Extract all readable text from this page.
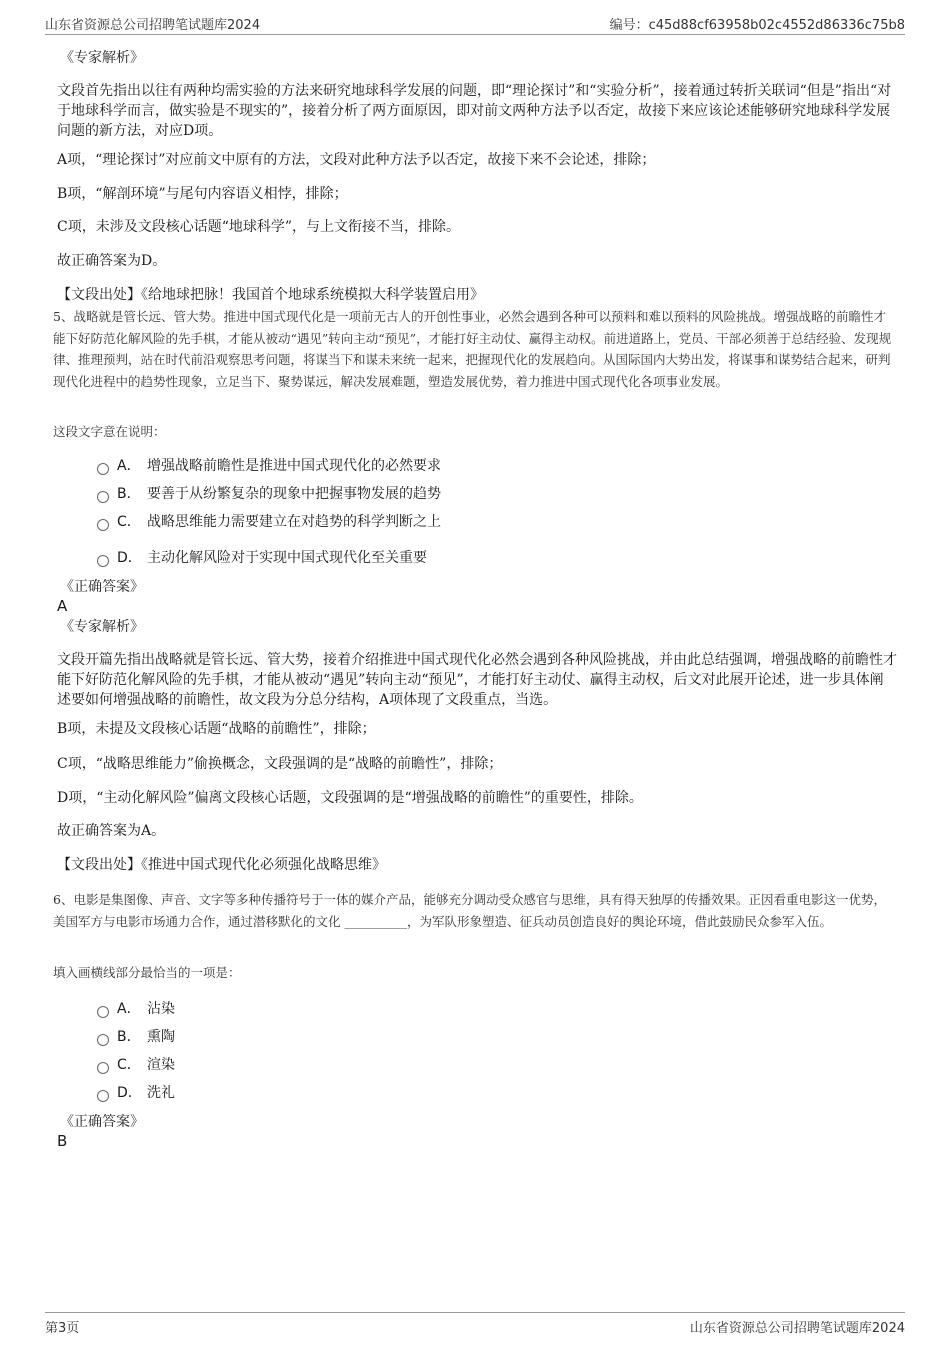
山东省资源总公司招聘笔试题库2024	编号：c45d88cf63958b02c4552d86336c75b8
《专家解析》
文段首先指出以往有两种均需实验的方法来研究地球科学发展的问题，即“理论探讨”和“实验分析”，接着通过转折关联词“但是”指出“对于地球科学而言，做实验是不现实的”，接着分析了两方面原因，即对前文两种方法予以否定，故接下来应该论述能够研究地球科学发展问题的新方法，对应D项。
A项，“理论探讨”对应前文中原有的方法，文段对此种方法予以否定，故接下来不会论述，排除；
B项，“解剖环境”与尾句内容语义相悖，排除；
C项，未涉及文段核心话题“地球科学”，与上文衔接不当，排除。
故正确答案为D。
【文段出处】《给地球把脉！我国首个地球系统模拟大科学装置启用》
5、战略就是管长远、管大势。推进中国式现代化是一项前无古人的开创性事业，必然会遇到各种可以预料和难以预料的风险挑战。增强战略的前瞻性才能下好防范化解风险的先手棋，才能从被动“遇见”转向主动“预见”，才能打好主动仗、赢得主动权。前进道路上，党员、干部必须善于总结经验、发现规律、推理预判，站在时代前沿观察思考问题，将谋当下和谋未来统一起来，把握现代化的发展趋向。从国际国内大势出发，将谋事和谋势结合起来，研判现代化进程中的趋势性现象，立足当下、聚势谋远，解决发展难题，塑造发展优势，着力推进中国式现代化各项事业发展。
这段文字意在说明：
A． 增强战略前瞻性是推进中国式现代化的必然要求
B． 要善于从纷繁复杂的现象中把握事物发展的趋势
C． 战略思维能力需要建立在对趋势的科学判断之上
D． 主动化解风险对于实现中国式现代化至关重要
《正确答案》
A
《专家解析》
文段开篇先指出战略就是管长远、管大势，接着介绍推进中国式现代化必然会遇到各种风险挑战，并由此总结强调，增强战略的前瞻性才能下好防范化解风险的先手棋，才能从被动“遇见”转向主动“预见”，才能打好主动仗、赢得主动权，后文对此展开论述，进一步具体阐述要如何增强战略的前瞻性，故文段为分总分结构，A项体现了文段重点，当选。
B项，未提及文段核心话题“战略的前瞻性”，排除；
C项，“战略思维能力”偷换概念，文段强调的是“战略的前瞻性”，排除；
D项，“主动化解风险”偏离文段核心话题，文段强调的是“增强战略的前瞻性”的重要性，排除。
故正确答案为A。
【文段出处】《推进中国式现代化必须强化战略思维》
6、电影是集图像、声音、文字等多种传播符号于一体的媒介产品，能够充分调动受众感官与思维，具有得天独厚的传播效果。正因看重电影这一优势，美国军方与电影市场通力合作，通过潜移默化的文化 __________，为军队形象塑造、征兵动员创造良好的舆论环境，借此鼓励民众参军入伍。
填入画横线部分最恰当的一项是：
A． 沾染
B． 熏陶
C． 渲染
D． 洗礼
《正确答案》
B
第3页	山东省资源总公司招聘笔试题库2024
